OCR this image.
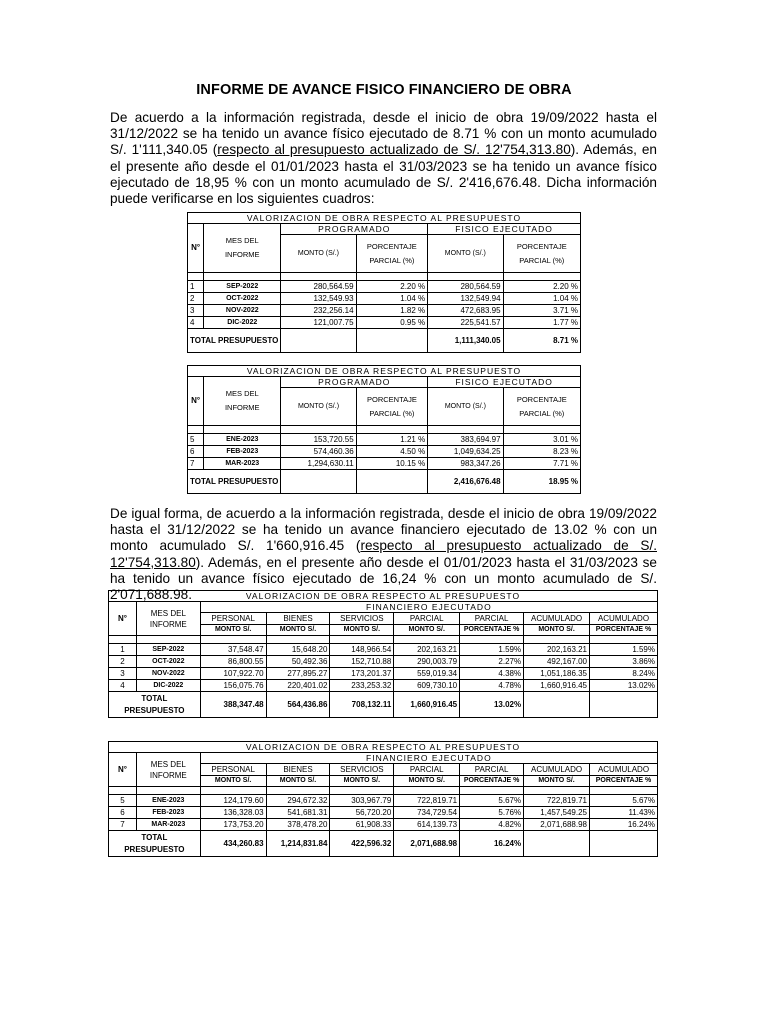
INFORME DE AVANCE FISICO FINANCIERO DE OBRA
De acuerdo a la información registrada, desde el inicio de obra 19/09/2022 hasta el 31/12/2022 se ha tenido un avance físico ejecutado de 8.71 % con un monto acumulado S/. 1'111,340.05 (respecto al presupuesto actualizado de S/. 12'754,313.80). Además, en el presente año desde el 01/01/2023 hasta el 31/03/2023 se ha tenido un avance físico ejecutado de 18,95 % con un monto acumulado de S/. 2'416,676.48. Dicha información puede verificarse en los siguientes cuadros:
VALORIZACION DE OBRA RESPECTO AL PRESUPUESTO					
N°	MES DEL
INFORME	PROGRAMADO		FISICO EJECUTADO	
		MONTO (S/.)	PORCENTAJE
PARCIAL (%)	MONTO (S/.)	PORCENTAJE
PARCIAL (%)

1	SEP-2022	280,564.59	2.20 %	280,564.59	2.20 %
2	OCT-2022	132,549.93	1.04 %	132,549.94	1.04 %
3	NOV-2022	232,256.14	1.82 %	472,683.95	3.71 %
4	DIC-2022	121,007.75	0.95 %	225,541.57	1.77 %
TOTAL PRESUPUESTO				1,111,340.05	8.71 %
VALORIZACION DE OBRA RESPECTO AL PRESUPUESTO					
N°	MES DEL
INFORME	PROGRAMADO		FISICO EJECUTADO	
		MONTO (S/.)	PORCENTAJE
PARCIAL (%)	MONTO (S/.)	PORCENTAJE
PARCIAL (%)

5	ENE-2023	153,720.55	1.21 %	383,694.97	3.01 %
6	FEB-2023	574,460.36	4.50 %	1,049,634.25	8.23 %
7	MAR-2023	1,294,630.11	10.15 %	983,347.26	7.71 %
TOTAL PRESUPUESTO				2,416,676.48	18.95 %
De igual forma, de acuerdo a la información registrada, desde el inicio de obra 19/09/2022 hasta el 31/12/2022 se ha tenido un avance financiero ejecutado de 13.02 % con un monto acumulado S/. 1'660,916.45 (respecto al presupuesto actualizado de S/. 12'754,313.80). Además, en el presente año desde el 01/01/2023 hasta el 31/03/2023 se ha tenido un avance físico ejecutado de 16,24 % con un monto acumulado de S/. 2'071,688.98.	VALORIZACION DE OBRA RESPECTO AL PRESUPUESTO								
N°	MES DEL
INFORME	FINANCIERO EJECUTADO						
		PERSONAL	BIENES	SERVICIOS	PARCIAL	PARCIAL	ACUMULADO	ACUMULADO
		MONTO S/.	MONTO S/.	MONTO S/.	MONTO S/.	PORCENTAJE %	MONTO S/.	PORCENTAJE %

1	SEP-2022	37,548.47	15,648.20	148,966.54	202,163.21	1.59%	202,163.21	1.59%
2	OCT-2022	86,800.55	50,492.36	152,710.88	290,003.79	2.27%	492,167.00	3.86%
3	NOV-2022	107,922.70	277,895.27	173,201.37	559,019.34	4.38%	1,051,186.35	8.24%
4	DIC-2022	156,075.76	220,401.02	233,253.32	609,730.10	4.78%	1,660,916.45	13.02%
TOTAL
PRESUPUESTO		388,347.48	564,436.86	708,132.11	1,660,916.45	13.02%		
VALORIZACION DE OBRA RESPECTO AL PRESUPUESTO								
N°	MES DEL
INFORME	FINANCIERO EJECUTADO						
		PERSONAL	BIENES	SERVICIOS	PARCIAL	PARCIAL	ACUMULADO	ACUMULADO
		MONTO S/.	MONTO S/.	MONTO S/.	MONTO S/.	PORCENTAJE %	MONTO S/.	PORCENTAJE %

5	ENE-2023	124,179.60	294,672.32	303,967.79	722,819.71	5.67%	722,819.71	5.67%
6	FEB-2023	136,328.03	541,681.31	56,720.20	734,729.54	5.76%	1,457,549.25	11.43%
7	MAR-2023	173,753.20	378,478.20	61,908.33	614,139.73	4.82%	2,071,688.98	16.24%
TOTAL
PRESUPUESTO		434,260.83	1,214,831.84	422,596.32	2,071,688.98	16.24%		
